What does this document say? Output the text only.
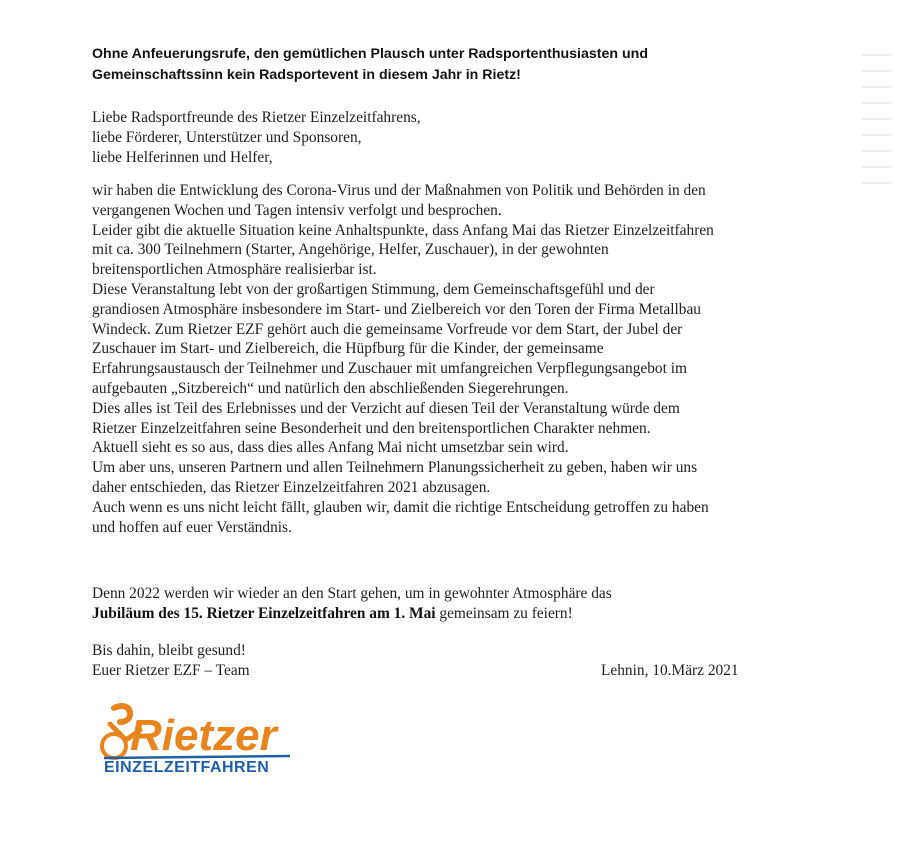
Ohne Anfeuerungsrufe, den gemütlichen Plausch unter Radsportenthusiasten und
Gemeinschaftssinn kein Radsportevent in diesem Jahr in Rietz!
Liebe Radsportfreunde des Rietzer Einzelzeitfahrens,
liebe Förderer, Unterstützer und Sponsoren,
liebe Helferinnen und Helfer,
wir haben die Entwicklung des Corona-Virus und der Maßnahmen von Politik und Behörden in den
vergangenen Wochen und Tagen intensiv verfolgt und besprochen.
Leider gibt die aktuelle Situation keine Anhaltspunkte, dass Anfang Mai das Rietzer Einzelzeitfahren
mit ca. 300 Teilnehmern (Starter, Angehörige, Helfer, Zuschauer), in der gewohnten
breitensportlichen Atmosphäre realisierbar ist.
Diese Veranstaltung lebt von der großartigen Stimmung, dem Gemeinschaftsgefühl und der
grandiosen Atmosphäre insbesondere im Start- und Zielbereich vor den Toren der Firma Metallbau
Windeck. Zum Rietzer EZF gehört auch die gemeinsame Vorfreude vor dem Start, der Jubel der
Zuschauer im Start- und Zielbereich, die Hüpfburg für die Kinder, der gemeinsame
Erfahrungsaustausch der Teilnehmer und Zuschauer mit umfangreichen Verpflegungsangebot im
aufgebauten „Sitzbereich“ und natürlich den abschließenden Siegerehrungen.
Dies alles ist Teil des Erlebnisses und der Verzicht auf diesen Teil der Veranstaltung würde dem
Rietzer Einzelzeitfahren seine Besonderheit und den breitensportlichen Charakter nehmen.
Aktuell sieht es so aus, dass dies alles Anfang Mai nicht umsetzbar sein wird.
Um aber uns, unseren Partnern und allen Teilnehmern Planungssicherheit zu geben, haben wir uns
daher entschieden, das Rietzer Einzelzeitfahren 2021 abzusagen.
Auch wenn es uns nicht leicht fällt, glauben wir, damit die richtige Entscheidung getroffen zu haben
und hoffen auf euer Verständnis.
Denn 2022 werden wir wieder an den Start gehen, um in gewohnter Atmosphäre das
Jubiläum des 15. Rietzer Einzelzeitfahren am 1. Mai gemeinsam zu feiern!
Bis dahin, bleibt gesund!
Euer Rietzer EZF – Team	Lehnin, 10.März 2021
Rietzer
EINZELZEITFAHREN
